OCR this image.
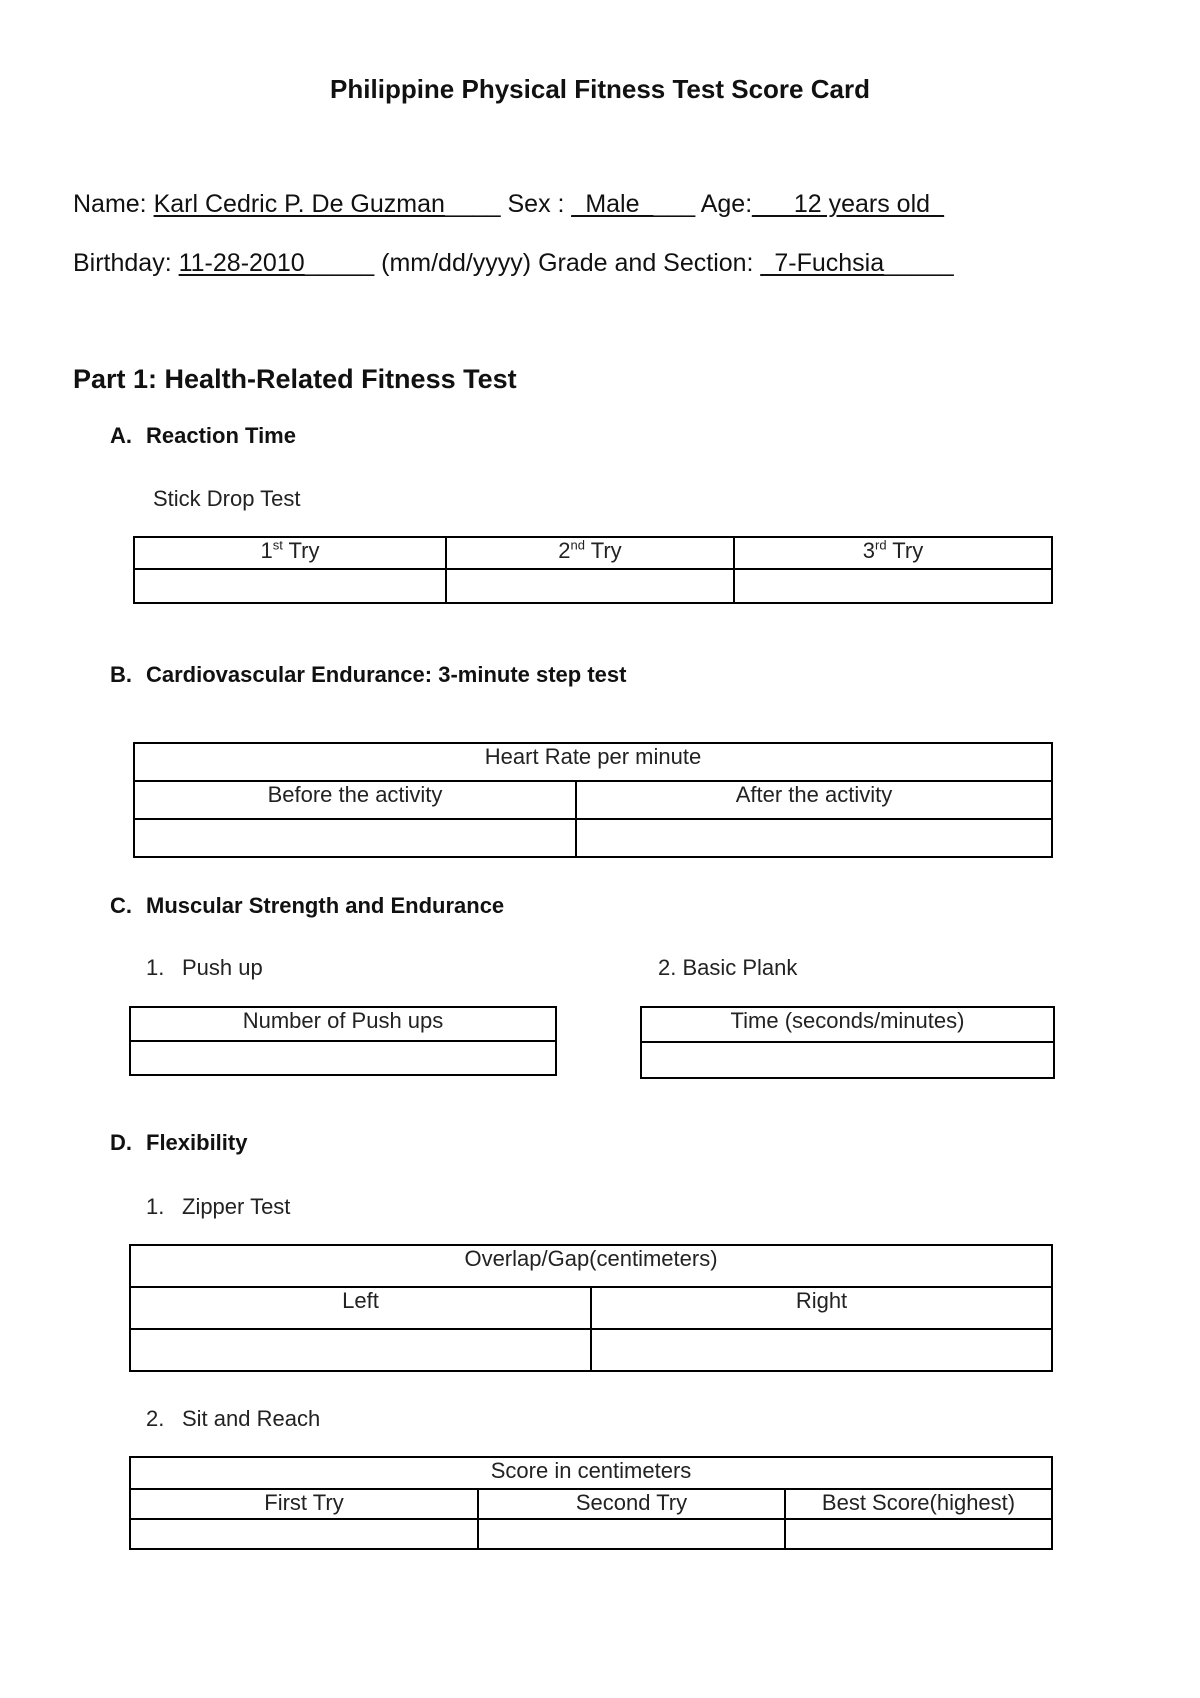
Philippine Physical Fitness Test Score Card
Name: Karl Cedric P. De Guzman____ Sex : _Male____ Age:___12 years old_
Birthday: 11-28-2010_____ (mm/dd/yyyy) Grade and Section: _7-Fuchsia_____
Part 1: Health-Related Fitness Test
A. Reaction Time
Stick Drop Test
1st Try	2nd Try	3rd Try

B. Cardiovascular Endurance: 3-minute step test
Heart Rate per minute	
Before the activity	After the activity

C. Muscular Strength and Endurance
1. Push up	2. Basic Plank
Number of Push ups	Time (seconds/minutes)

D. Flexibility
1. Zipper Test
Overlap/Gap(centimeters)	
Left	Right

2. Sit and Reach
Score in centimeters		
First Try	Second Try	Best Score(highest)
